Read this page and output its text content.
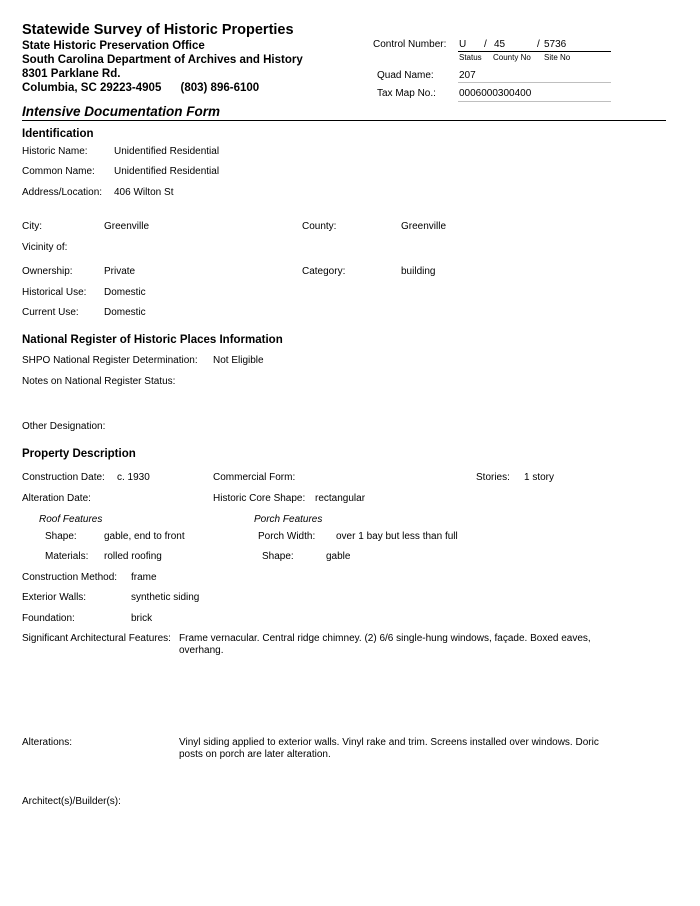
Statewide Survey of Historic Properties
State Historic Preservation Office
South Carolina Department of Archives and History
8301 Parklane Rd.
Columbia, SC 29223-4905      (803) 896-6100
Control Number: U / 45	/ 5736
Status County No Site No
Quad Name:	207
Tax Map No.: 0006000300400
Intensive Documentation Form
Identification
Historic Name:	Unidentified Residential
Common Name: Unidentified Residential
Address/Location: 406 Wilton St
City:	Greenville	County:	Greenville
Vicinity of:
Ownership:	Private	Category:	building
Historical Use: Domestic
Current Use:	Domestic
National Register of Historic Places Information
SHPO National Register Determination: Not Eligible
Notes on National Register Status:
Other Designation:
Property Description
Construction Date: c. 1930	Commercial Form:	Stories: 1 story
Alteration Date:	Historic Core Shape: rectangular
Roof Features	Porch Features
Shape:	gable, end to front	Porch Width: over 1 bay but less than full
Materials: rolled roofing	Shape:	gable
Construction Method: frame
Exterior Walls:	synthetic siding
Foundation:	brick
Significant Architectural Features: Frame vernacular. Central ridge chimney. (2) 6/6 single-hung windows, façade. Boxed eaves, overhang.
Alterations:	Vinyl siding applied to exterior walls. Vinyl rake and trim. Screens installed over windows. Doric posts on porch are later alteration.
Architect(s)/Builder(s):
